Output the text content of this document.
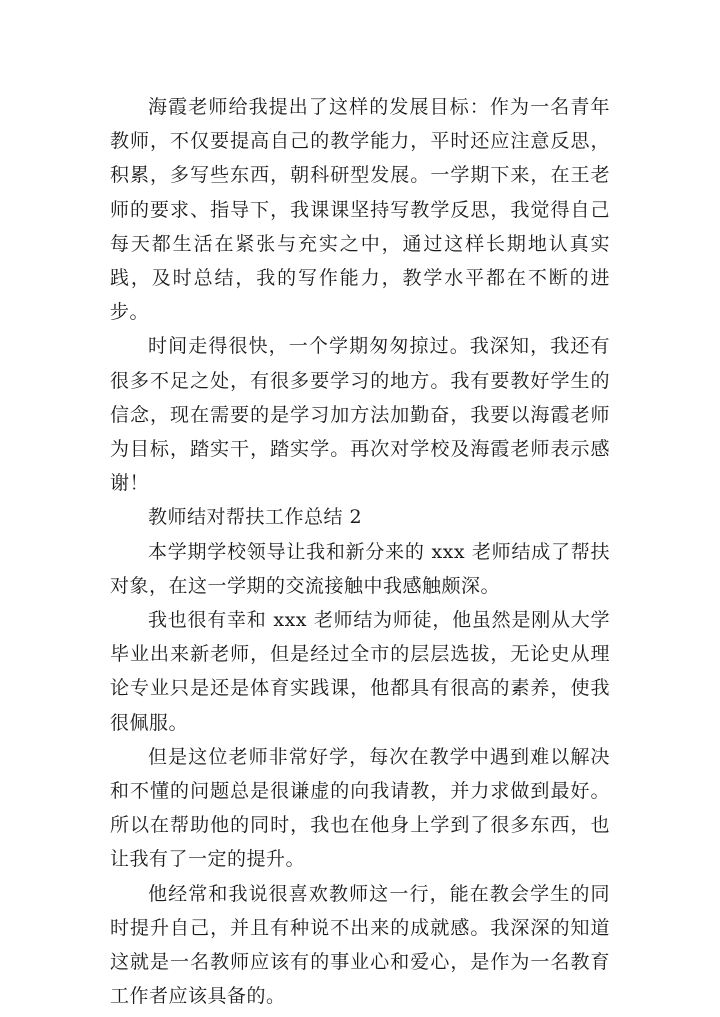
海霞老师给我提出了这样的发展目标：作为一名青年教师，不仅要提高自己的教学能力，平时还应注意反思，积累，多写些东西，朝科研型发展。一学期下来，在王老师的要求、指导下，我课课坚持写教学反思，我觉得自己每天都生活在紧张与充实之中，通过这样长期地认真实践，及时总结，我的写作能力，教学水平都在不断的进步。

时间走得很快，一个学期匆匆掠过。我深知，我还有很多不足之处，有很多要学习的地方。我有要教好学生的信念，现在需要的是学习加方法加勤奋，我要以海霞老师为目标，踏实干，踏实学。再次对学校及海霞老师表示感谢！

教师结对帮扶工作总结 2

本学期学校领导让我和新分来的 xxx 老师结成了帮扶对象，在这一学期的交流接触中我感触颇深。

我也很有幸和 xxx 老师结为师徒，他虽然是刚从大学毕业出来新老师，但是经过全市的层层选拔，无论史从理论专业只是还是体育实践课，他都具有很高的素养，使我很佩服。

但是这位老师非常好学，每次在教学中遇到难以解决和不懂的问题总是很谦虚的向我请教，并力求做到最好。所以在帮助他的同时，我也在他身上学到了很多东西，也让我有了一定的提升。

他经常和我说很喜欢教师这一行，能在教会学生的同时提升自己，并且有种说不出来的成就感。我深深的知道这就是一名教师应该有的事业心和爱心，是作为一名教育工作者应该具备的。
